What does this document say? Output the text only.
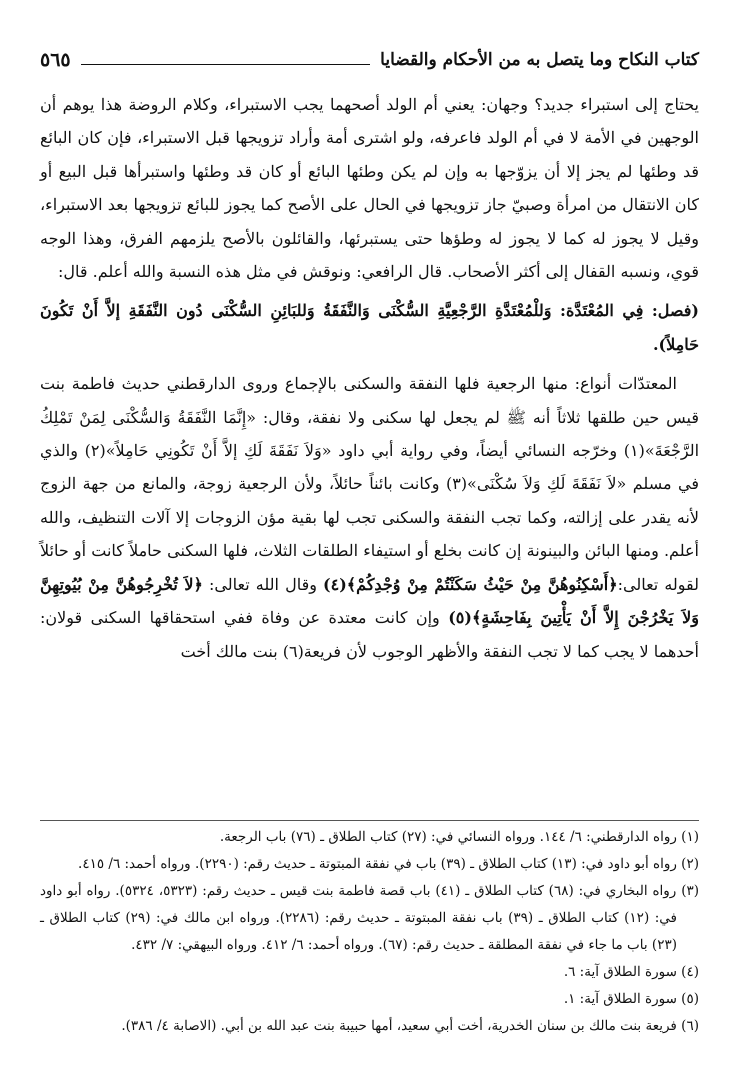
كتاب النكاح وما يتصل به من الأحكام والقضايا
٥٦٥

يحتاج إلى استبراء جديد؟ وجهان: يعني أم الولد أصحهما يجب الاستبراء، وكلام الروضة هذا يوهم أن الوجهين في الأمة لا في أم الولد فاعرفه، ولو اشترى أمة وأراد تزويجها قبل الاستبراء، فإن كان البائع قد وطئها لم يجز إلا أن يزوّجها به وإن لم يكن وطئها البائع أو كان قد وطئها واستبرأها قبل البيع أو كان الانتقال من امرأة وصبيّ جاز تزويجها في الحال على الأصح كما يجوز للبائع تزويجها بعد الاستبراء، وقيل لا يجوز له كما لا يجوز له وطؤها حتى يستبرئها، والقائلون بالأصح يلزمهم الفرق، وهذا الوجه قوي، ونسبه القفال إلى أكثر الأصحاب. قال الرافعي: ونوقش في مثل هذه النسبة والله أعلم. قال:

(فصل: فِي المُعْتَدَّة: وَللْمُعْتَدَّةِ الرَّجْعِيَّةِ السُّكْنَى وَالنَّفَقَةُ وَللبَائِنِ السُّكْنَى دُون النَّفَقَةِ إلاَّ أَنْ تَكُونَ حَامِلاً).

المعتدّات أنواع: منها الرجعية فلها النفقة والسكنى بالإجماع وروى الدارقطني حديث فاطمة بنت قيس حين طلقها ثلاثاً أنه ﷺ لم يجعل لها سكنى ولا نفقة، وقال: «إِنَّمَا النَّفَقَةُ وَالسُّكْنَى لِمَنْ تَمْلِكُ الرَّجْعَةَ»(١) وخرّجه النسائي أيضاً، وفي رواية أبي داود «وَلاَ نَفَقَةَ لَكِ إلاَّ أَنْ تَكُونِي حَامِلاً»(٢) والذي في مسلم «لاَ نَفَقَةَ لَكِ وَلاَ سُكْنَى»(٣) وكانت بائناً حائلاً، ولأن الرجعية زوجة، والمانع من جهة الزوج لأنه يقدر على إزالته، وكما تجب النفقة والسكنى تجب لها بقية مؤن الزوجات إلا آلات التنظيف، والله أعلم. ومنها البائن والبينونة إن كانت بخلع أو استيفاء الطلقات الثلاث، فلها السكنى حاملاً كانت أو حائلاً لقوله تعالى:﴿أَسْكِنُوهُنَّ مِنْ حَيْثُ سَكَنْتُمْ مِنْ وُجْدِكُمْ﴾(٤) وقال الله تعالى: ﴿لاَ تُخْرِجُوهُنَّ مِنْ بُيُوتِهِنَّ وَلاَ يَخْرُجْنَ إِلاَّ أَنْ يَأْتِينَ بِفَاحِشَةٍ﴾(٥) وإن كانت معتدة عن وفاة ففي استحقاقها السكنى قولان: أحدهما لا يجب كما لا تجب النفقة والأظهر الوجوب لأن فريعة(٦) بنت مالك أخت

(١) رواه الدارقطني: ٦/ ١٤٤. ورواه النسائي في: (٢٧) كتاب الطلاق ـ (٧٦) باب الرجعة.

(٢) رواه أبو داود في: (١٣) كتاب الطلاق ـ (٣٩) باب في نفقة المبتوتة ـ حديث رقم: (٢٢٩٠). ورواه أحمد: ٦/ ٤١٥.

(٣) رواه البخاري في: (٦٨) كتاب الطلاق ـ (٤١) باب قصة فاطمة بنت قيس ـ حديث رقم: (٥٣٢٣، ٥٣٢٤). رواه أبو داود في: (١٢) كتاب الطلاق ـ (٣٩) باب نفقة المبتوتة ـ حديث رقم: (٢٢٨٦). ورواه ابن مالك في: (٢٩) كتاب الطلاق ـ (٢٣) باب ما جاء في نفقة المطلقة ـ حديث رقم: (٦٧). ورواه أحمد: ٦/ ٤١٢. ورواه البيهقي: ٧/ ٤٣٢.

(٤) سورة الطلاق آية: ٦.

(٥) سورة الطلاق آية: ١.

(٦) فريعة بنت مالك بن سنان الخدرية، أخت أبي سعيد، أمها حبيبة بنت عبد الله بن أبي. (الاصابة ٤/ ٣٨٦).
